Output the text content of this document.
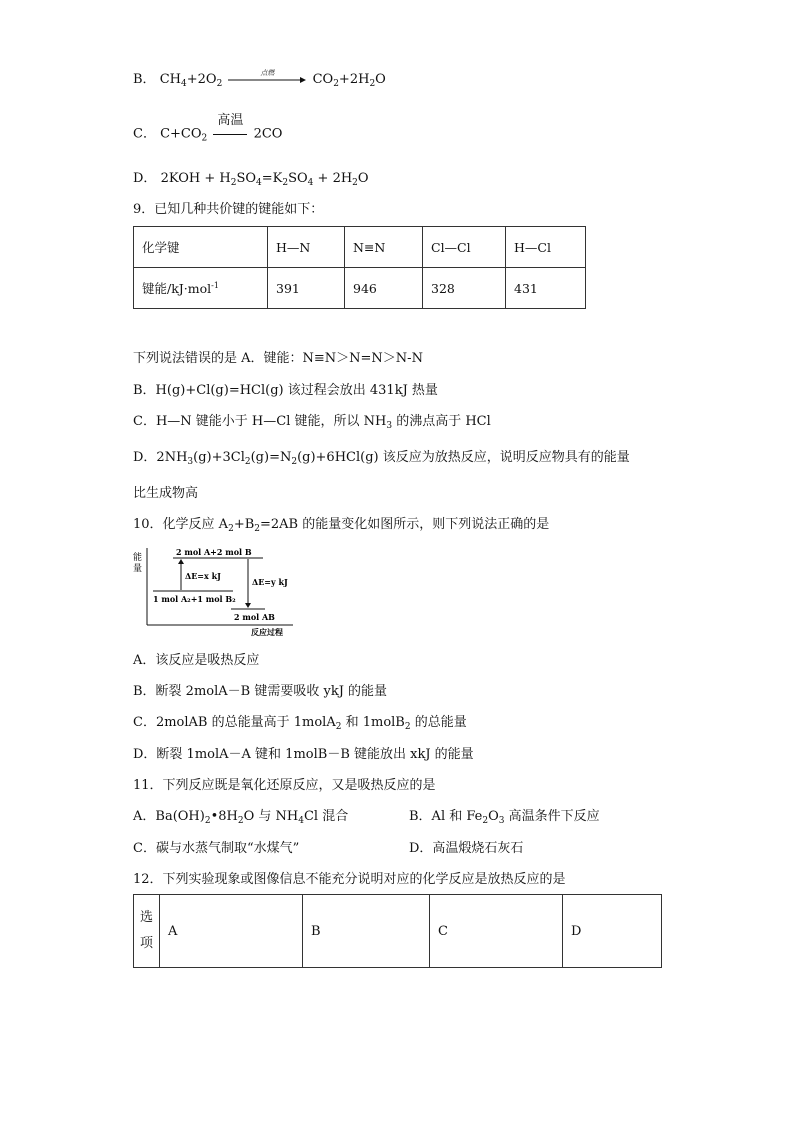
B． $CH_4+2O_2$
点燃	$CO_2+2H_2O$
C． $C+CO_2$
高温
2CO
D． $2KOH + H_2SO_4=K_2SO_4 + 2H_2O$
9．已知几种共价键的键能如下：
化学键	H—N	N≡N	Cl—Cl	H—Cl
键能/kJ·mol$^{-1}$	391	946	328	431
下列说法错误的是 A．键能：N≡N＞N=N＞N-N
B．H(g)+Cl(g)=HCl(g) 该过程会放出 431kJ 热量
C．H—N 键能小于 H—Cl 键能，所以 $NH_3$ 的沸点高于 HCl
D．$2NH_3(g)+3Cl_2(g)=N_2(g)+6HCl(g)$ 该反应为放热反应，说明反应物具有的能量
比生成物高
10．化学反应 $A_2+B_2=2AB$ 的能量变化如图所示，则下列说法正确的是
能
量
2 mol A+2 mol B
1 mol A₂+1 mol B₂
ΔE=x kJ
2 mol AB
ΔE=y kJ
反应过程
A．该反应是吸热反应
B．断裂 2molA－B 键需要吸收 ykJ 的能量
C．2molAB 的总能量高于 1molA$_2$ 和 1molB$_2$ 的总能量
D．断裂 1molA－A 键和 1molB－B 键能放出 xkJ 的能量
11．下列反应既是氧化还原反应，又是吸热反应的是
A．$Ba(OH)_2•8H_2O$ 与 $NH_4Cl$ 混合	B．Al 和 $Fe_2O_3$ 高温条件下反应
C．碳与水蒸气制取“水煤气”	D．高温煅烧石灰石
12．下列实验现象或图像信息不能充分说明对应的化学反应是放热反应的是
选
项	A	B	C	D
